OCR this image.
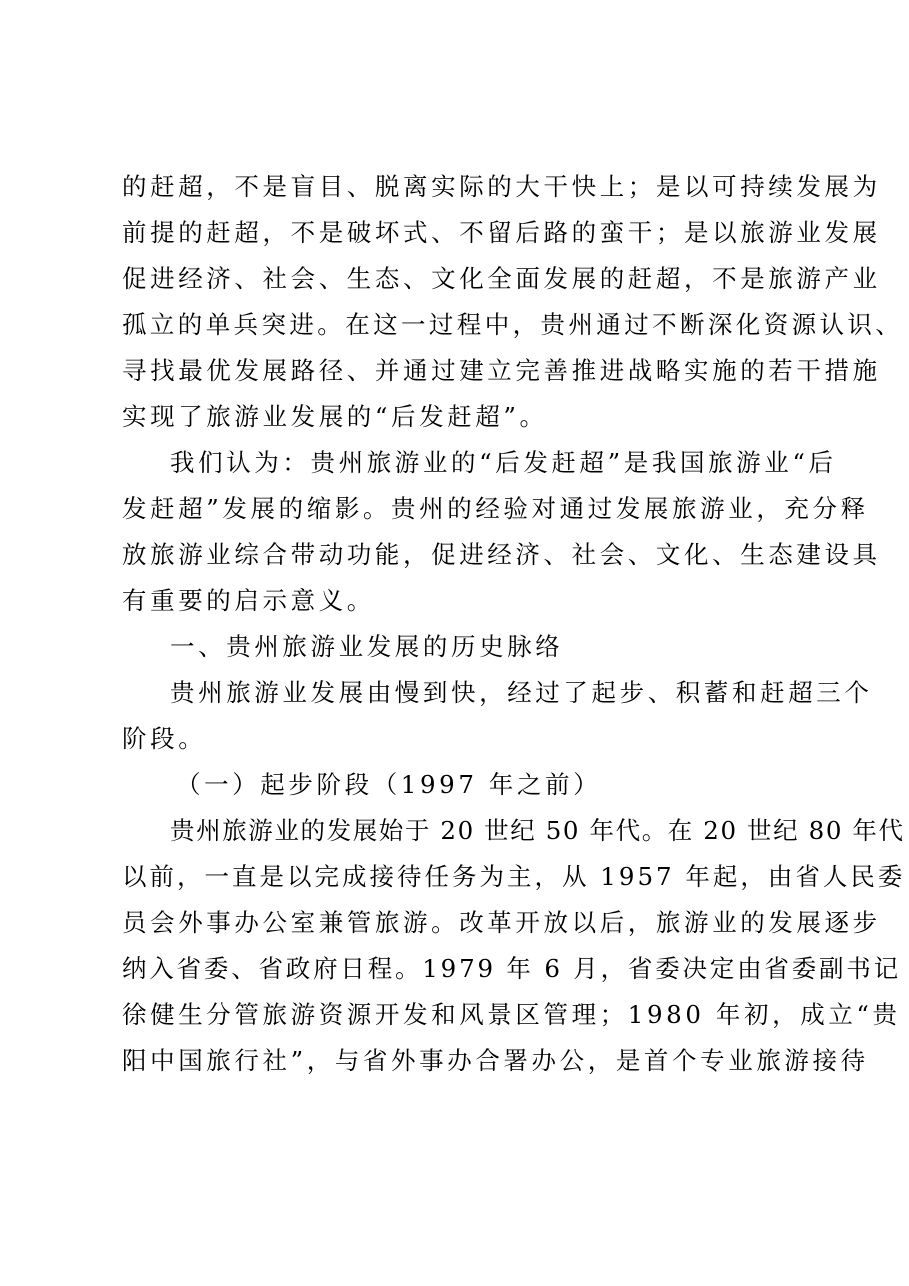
的赶超，不是盲目、脱离实际的大干快上；是以可持续发展为
前提的赶超，不是破坏式、不留后路的蛮干；是以旅游业发展
促进经济、社会、生态、文化全面发展的赶超，不是旅游产业
孤立的单兵突进。在这一过程中，贵州通过不断深化资源认识、
寻找最优发展路径、并通过建立完善推进战略实施的若干措施
实现了旅游业发展的“后发赶超”。
我们认为：贵州旅游业的“后发赶超”是我国旅游业“后
发赶超”发展的缩影。贵州的经验对通过发展旅游业，充分释
放旅游业综合带动功能，促进经济、社会、文化、生态建设具
有重要的启示意义。
一、贵州旅游业发展的历史脉络
贵州旅游业发展由慢到快，经过了起步、积蓄和赶超三个
阶段。
（一）起步阶段（1997 年之前）
贵州旅游业的发展始于 20 世纪 50 年代。在 20 世纪 80 年代
以前，一直是以完成接待任务为主，从 1957 年起，由省人民委
员会外事办公室兼管旅游。改革开放以后，旅游业的发展逐步
纳入省委、省政府日程。1979 年 6 月，省委决定由省委副书记
徐健生分管旅游资源开发和风景区管理；1980 年初，成立“贵
阳中国旅行社”，与省外事办合署办公，是首个专业旅游接待
